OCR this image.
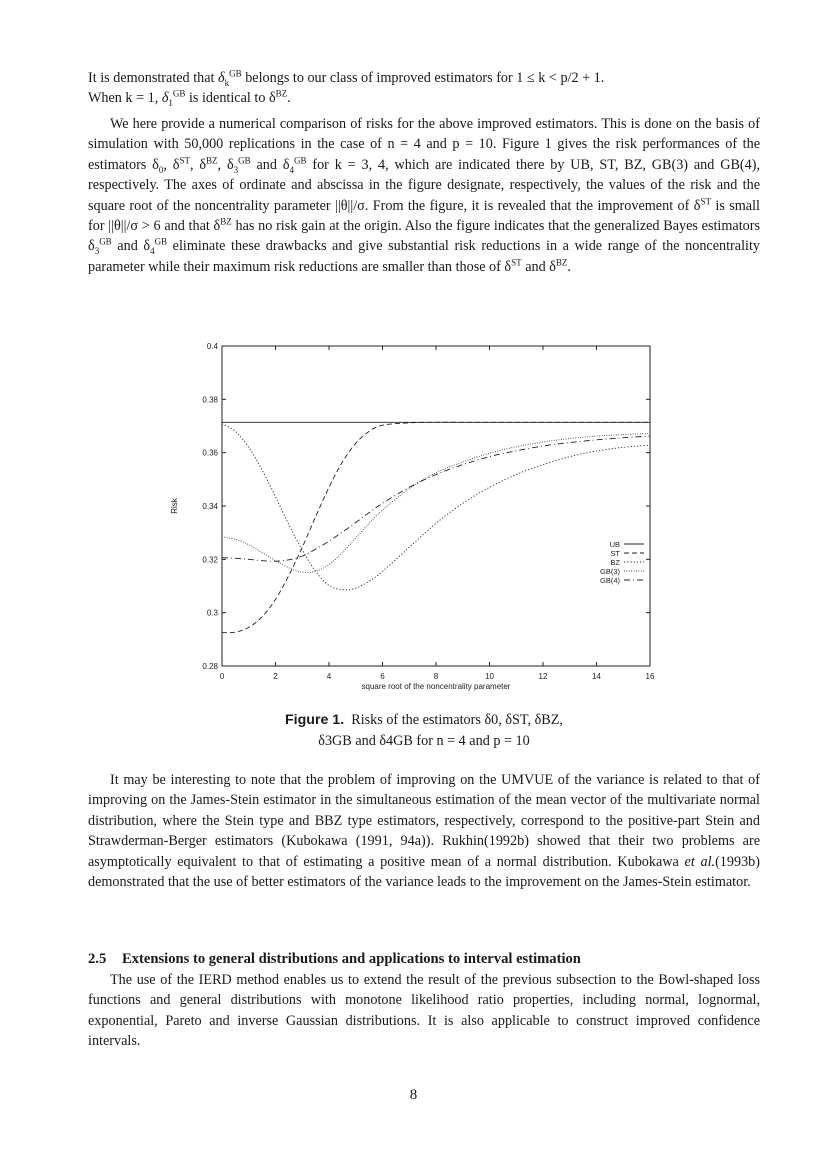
It is demonstrated that $\delta_k^{GB}$ belongs to our class of improved estimators for 1 ≤ k < p/2 + 1.
When k = 1, $\delta_1^{GB}$ is identical to $\delta^{BZ}$.
We here provide a numerical comparison of risks for the above improved estimators. This is done on the basis of simulation with 50,000 replications in the case of n = 4 and p = 10. Figure 1 gives the risk performances of the estimators $\delta_0$, $\delta^{ST}$, $\delta^{BZ}$, $\delta_3^{GB}$ and $\delta_4^{GB}$ for k = 3, 4, which are indicated there by UB, ST, BZ, GB(3) and GB(4), respectively. The axes of ordinate and abscissa in the figure designate, respectively, the values of the risk and the square root of the noncentrality parameter ||θ||/σ. From the figure, it is revealed that the improvement of $\delta^{ST}$ is small for ||θ||/σ > 6 and that $\delta^{BZ}$ has no risk gain at the origin. Also the figure indicates that the generalized Bayes estimators $\delta_3^{GB}$ and $\delta_4^{GB}$ eliminate these drawbacks and give substantial risk reductions in a wide range of the noncentrality parameter while their maximum risk reductions are smaller than those of $\delta^{ST}$ and $\delta^{BZ}$.
0	2	4	6	8	10	12	14	16
0.28
0.3
0.32
0.34
0.36
0.38
0.4
square root of the noncentrality parameter
Risk
UB
ST
BZ
GB(3)
GB(4)
Figure 1. Risks of the estimators δ0, δST, δBZ,
δ3GB and δ4GB for n = 4 and p = 10
It may be interesting to note that the problem of improving on the UMVUE of the variance is related to that of improving on the James-Stein estimator in the simultaneous estimation of the mean vector of the multivariate normal distribution, where the Stein type and BBZ type estimators, respectively, correspond to the positive-part Stein and Strawderman-Berger estimators (Kubokawa (1991, 94a)). Rukhin(1992b) showed that their two problems are asymptotically equivalent to that of estimating a positive mean of a normal distribution. Kubokawa et al.(1993b) demonstrated that the use of better estimators of the variance leads to the improvement on the James-Stein estimator.
2.5 Extensions to general distributions and applications to interval estimation
The use of the IERD method enables us to extend the result of the previous subsection to the Bowl-shaped loss functions and general distributions with monotone likelihood ratio properties, including normal, lognormal, exponential, Pareto and inverse Gaussian distributions. It is also applicable to construct improved confidence intervals.
8
